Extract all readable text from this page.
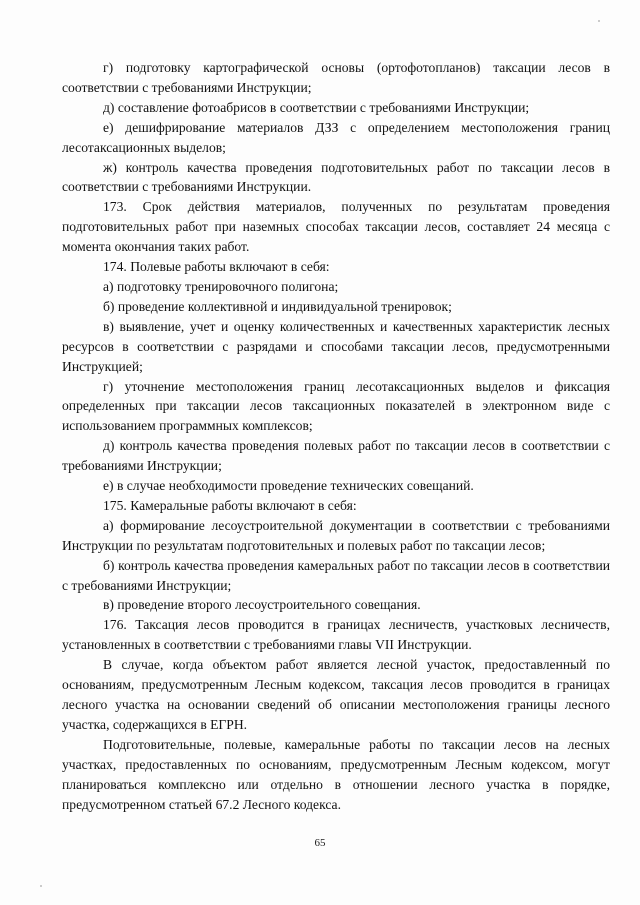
г) подготовку картографической основы (ортофотопланов) таксации лесов в соответствии с требованиями Инструкции;

д) составление фотоабрисов в соответствии с требованиями Инструкции;

е) дешифрирование материалов ДЗЗ с определением местоположения границ лесотаксационных выделов;

ж) контроль качества проведения подготовительных работ по таксации лесов в соответствии с требованиями Инструкции.

173. Срок действия материалов, полученных по результатам проведения подготовительных работ при наземных способах таксации лесов, составляет 24 месяца с момента окончания таких работ.

174. Полевые работы включают в себя:

а) подготовку тренировочного полигона;

б) проведение коллективной и индивидуальной тренировок;

в) выявление, учет и оценку количественных и качественных характеристик лесных ресурсов в соответствии с разрядами и способами таксации лесов, предусмотренными Инструкцией;

г) уточнение местоположения границ лесотаксационных выделов и фиксация определенных при таксации лесов таксационных показателей в электронном виде с использованием программных комплексов;

д) контроль качества проведения полевых работ по таксации лесов в соответствии с требованиями Инструкции;

е) в случае необходимости проведение технических совещаний.

175. Камеральные работы включают в себя:

а) формирование лесоустроительной документации в соответствии с требованиями Инструкции по результатам подготовительных и полевых работ по таксации лесов;

б) контроль качества проведения камеральных работ по таксации лесов в соответствии с требованиями Инструкции;

в) проведение второго лесоустроительного совещания.

176. Таксация лесов проводится в границах лесничеств, участковых лесничеств, установленных в соответствии с требованиями главы VII Инструкции.

В случае, когда объектом работ является лесной участок, предоставленный по основаниям, предусмотренным Лесным кодексом, таксация лесов проводится в границах лесного участка на основании сведений об описании местоположения границы лесного участка, содержащихся в ЕГРН.

Подготовительные, полевые, камеральные работы по таксации лесов на лесных участках, предоставленных по основаниям, предусмотренным Лесным кодексом, могут планироваться комплексно или отдельно в отношении лесного участка в порядке, предусмотренном статьей 67.2 Лесного кодекса.

65
